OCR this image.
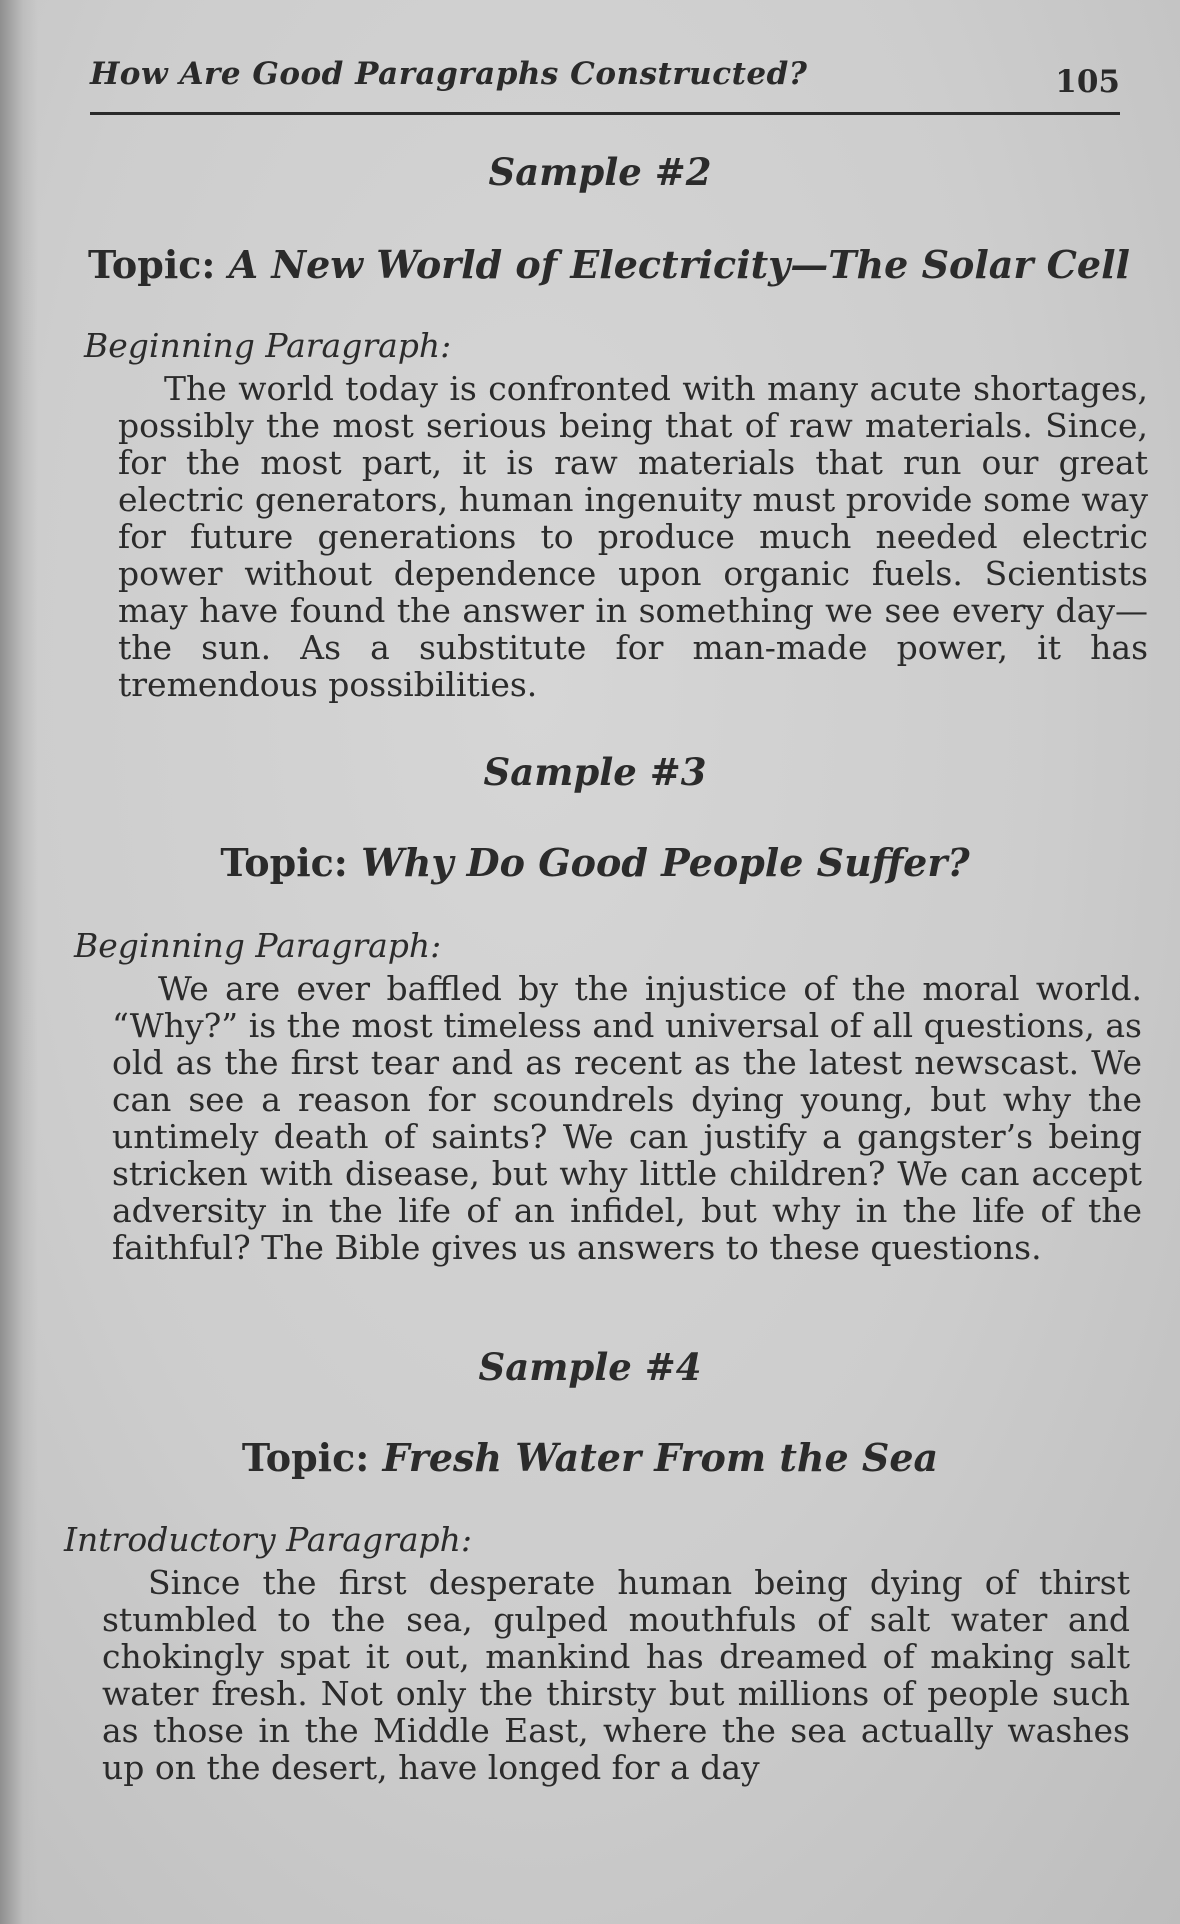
How Are Good Paragraphs Constructed?	105
Sample #2

Topic: A New World of Electricity—The Solar Cell

Beginning Paragraph:

The world today is confronted with many acute shortages, possibly the most serious being that of raw materials. Since, for the most part, it is raw materials that run our great electric generators, human ingenuity must provide some way for future generations to produce much needed electric power without dependence upon organic fuels. Scientists may have found the answer in something we see every day—the sun. As a substitute for man-made power, it has tremendous possibilities.

Sample #3

Topic: Why Do Good People Suffer?

Beginning Paragraph:

We are ever baffled by the injustice of the moral world. “Why?” is the most timeless and universal of all questions, as old as the first tear and as recent as the latest newscast. We can see a reason for scoundrels dying young, but why the untimely death of saints? We can justify a gangster’s being stricken with disease, but why little children? We can accept adversity in the life of an infidel, but why in the life of the faithful? The Bible gives us answers to these questions.

Sample #4

Topic: Fresh Water From the Sea

Introductory Paragraph:

Since the first desperate human being dying of thirst stumbled to the sea, gulped mouthfuls of salt water and chokingly spat it out, mankind has dreamed of making salt water fresh. Not only the thirsty but millions of people such as those in the Middle East, where the sea actually washes up on the desert, have longed for a day
